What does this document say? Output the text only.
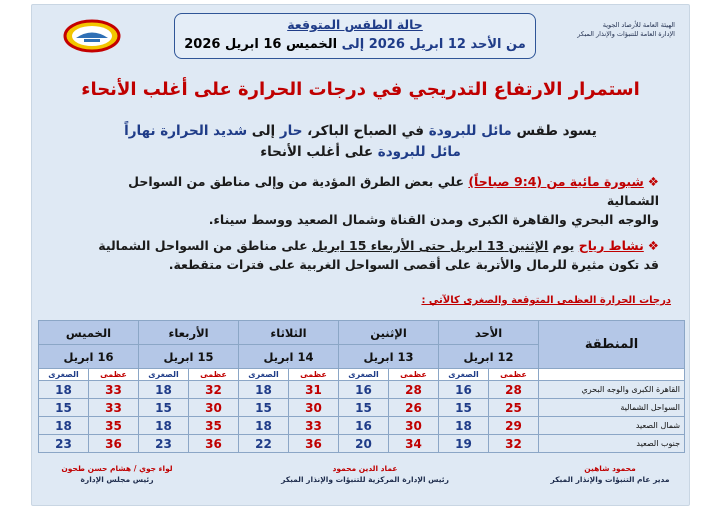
حالة الطقس المتوقعة
من الأحد 12 ابريل 2026 إلى الخميس 16 ابريل 2026
الهيئة العامة للأرصاد الجوية
الإدارة العامة للتنبؤات والإنذار المبكر
استمرار الارتفاع التدريجي في درجات الحرارة على أغلب الأنحاء
يسود طقس مائل للبرودة في الصباح الباكر، حار إلى شديد الحرارة نهاراً
مائل للبرودة على أغلب الأنحاء
❖شبورة مائية من (9:4 صباحاً) علي بعض الطرق المؤدية من وإلى مناطق من السواحل الشمالية
والوجه البحري والقاهرة الكبرى ومدن القناة وشمال الصعيد ووسط سيناء.
❖نشاط رياح يوم الإثنين 13 ابريل حتى الأربعاء 15 ابريل على مناطق من السواحل الشمالية
قد تكون مثيرة للرمال والأتربة على أقصى السواحل الغربية على فترات متقطعة.
درجات الحرارة العظمى المتوقعة والصغرى كالآتي :
المنطقة	الأحد		الإثنين		الثلاثاء		الأربعاء		الخميس	
	12 ابريل		13 ابريل		14 ابريل		15 ابريل		16 ابريل	
	عظمى	الصغرى	عظمى	الصغرى	عظمى	الصغرى	عظمى	الصغرى	عظمى	الصغرى
القاهرة الكبرى والوجه البحري	28	16	28	16	31	18	32	18	33	18
السواحل الشمالية	25	15	26	15	30	15	30	15	33	15
شمال الصعيد	29	18	30	16	33	18	35	18	35	18
جنوب الصعيد	32	19	34	20	36	22	36	23	36	23
محمود شاهين
مدير عام التنبؤات والإنذار المبكر
عماد الدين محمود
رئيس الإدارة المركزية للتنبؤات والإنذار المبكر
لواء جوي / هشام حسن طحون
رئيس مجلس الإدارة
